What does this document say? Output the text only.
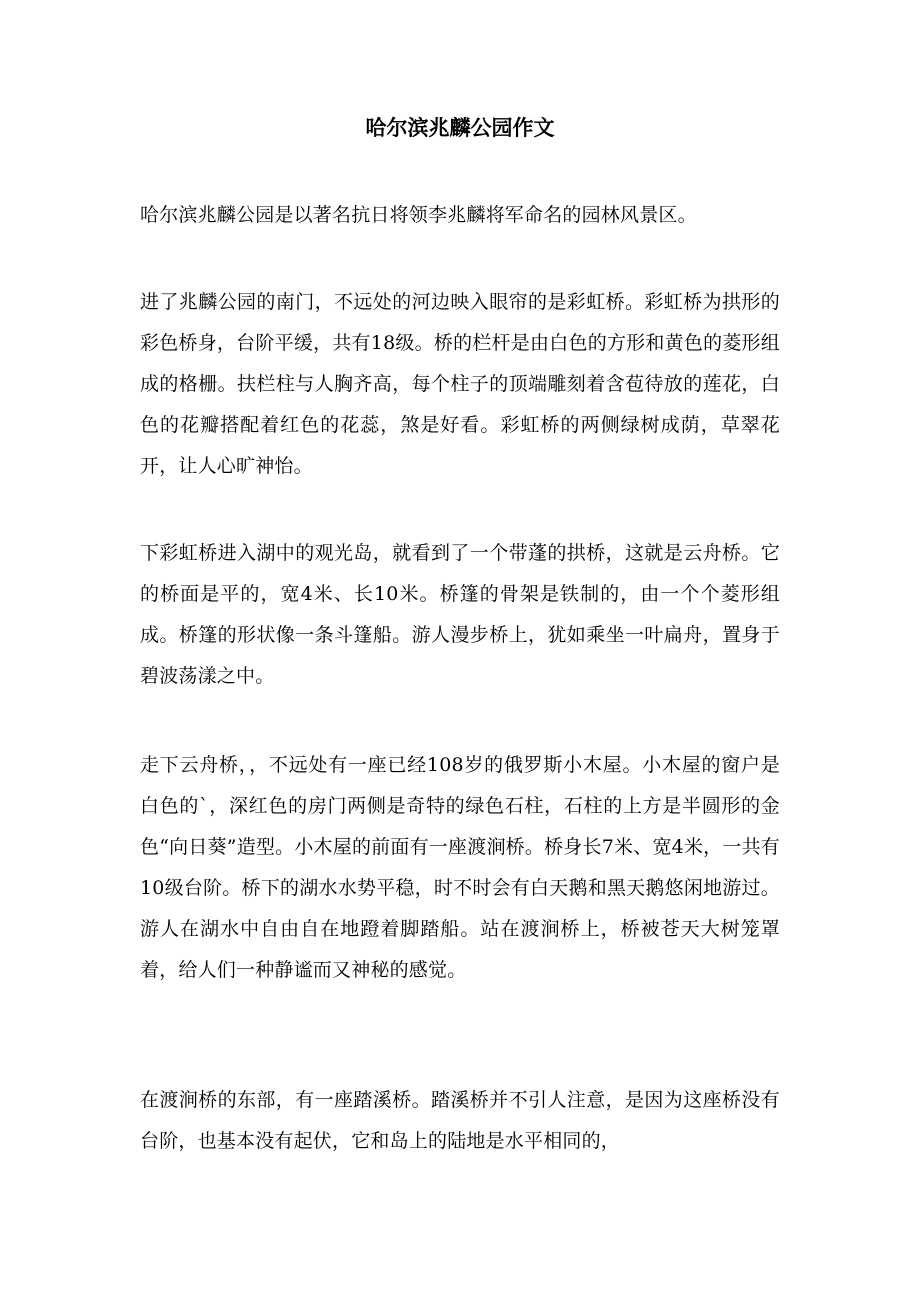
哈尔滨兆麟公园作文

哈尔滨兆麟公园是以著名抗日将领李兆麟将军命名的园林风景区。

进了兆麟公园的南门，不远处的河边映入眼帘的是彩虹桥。彩虹桥为拱形的彩色桥身，台阶平缓，共有18级。桥的栏杆是由白色的方形和黄色的菱形组成的格栅。扶栏柱与人胸齐高，每个柱子的顶端雕刻着含苞待放的莲花，白色的花瓣搭配着红色的花蕊，煞是好看。彩虹桥的两侧绿树成荫，草翠花开，让人心旷神怡。

下彩虹桥进入湖中的观光岛，就看到了一个带蓬的拱桥，这就是云舟桥。它的桥面是平的，宽4米、长10米。桥篷的骨架是铁制的，由一个个菱形组成。桥篷的形状像一条斗篷船。游人漫步桥上，犹如乘坐一叶扁舟，置身于碧波荡漾之中。

走下云舟桥，，不远处有一座已经108岁的俄罗斯小木屋。小木屋的窗户是白色的`，深红色的房门两侧是奇特的绿色石柱，石柱的上方是半圆形的金色“向日葵”造型。小木屋的前面有一座渡涧桥。桥身长7米、宽4米，一共有10级台阶。桥下的湖水水势平稳，时不时会有白天鹅和黑天鹅悠闲地游过。游人在湖水中自由自在地蹬着脚踏船。站在渡涧桥上，桥被苍天大树笼罩着，给人们一种静谧而又神秘的感觉。

在渡涧桥的东部，有一座踏溪桥。踏溪桥并不引人注意，是因为这座桥没有台阶，也基本没有起伏，它和岛上的陆地是水平相同的，
